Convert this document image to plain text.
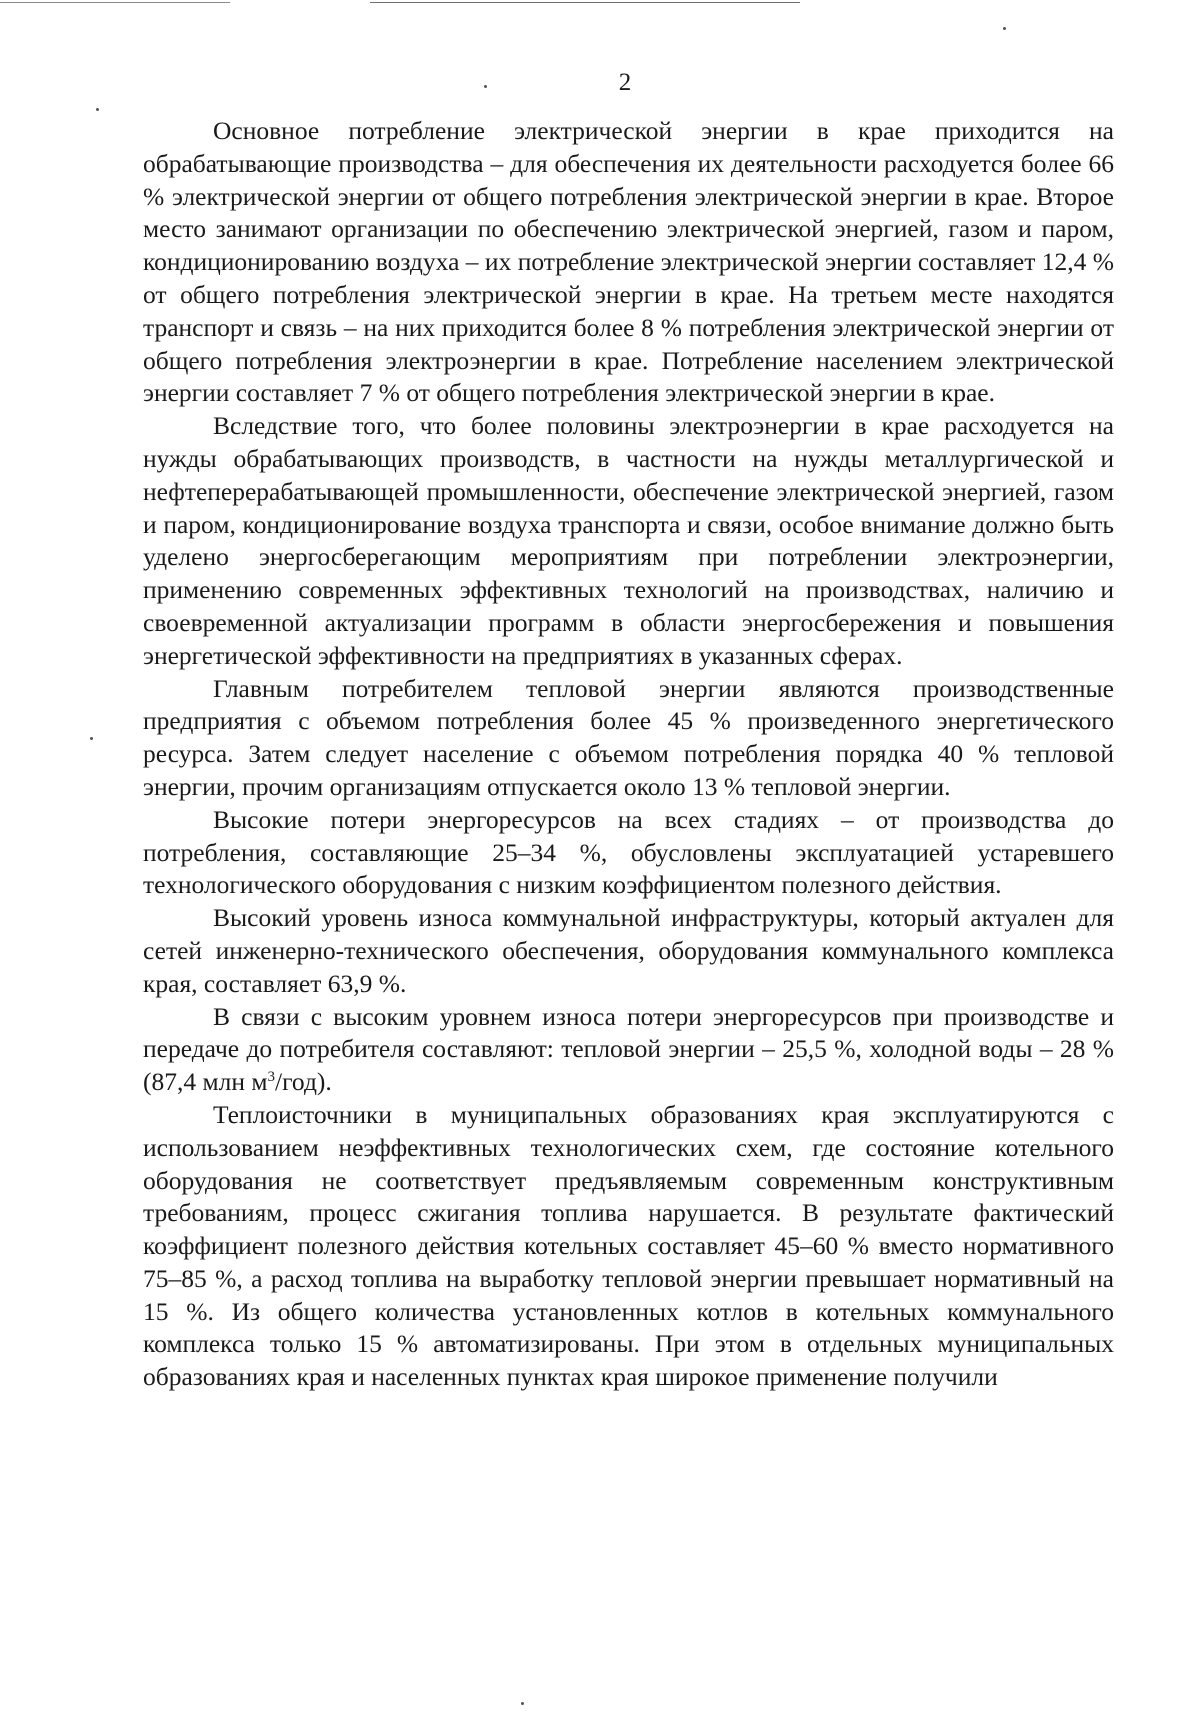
2

Основное потребление электрической энергии в крае приходится на обрабатывающие производства – для обеспечения их деятельности расходуется более 66 % электрической энергии от общего потребления электрической энергии в крае. Второе место занимают организации по обеспечению электрической энергией, газом и паром, кондиционированию воздуха – их потребление электрической энергии составляет 12,4 % от общего потребления электрической энергии в крае. На третьем месте находятся транспорт и связь – на них приходится более 8 % потребления электрической энергии от общего потребления электроэнергии в крае. Потребление населением электрической энергии составляет 7 % от общего потребления электрической энергии в крае.

Вследствие того, что более половины электроэнергии в крае расходуется на нужды обрабатывающих производств, в частности на нужды металлургической и нефтеперерабатывающей промышленности, обеспечение электрической энергией, газом и паром, кондиционирование воздуха транспорта и связи, особое внимание должно быть уделено энергосберегающим мероприятиям при потреблении электроэнергии, применению современных эффективных технологий на производствах, наличию и своевременной актуализации программ в области энергосбережения и повышения энергетической эффективности на предприятиях в указанных сферах.

Главным потребителем тепловой энергии являются производственные предприятия с объемом потребления более 45 % произведенного энергетического ресурса. Затем следует население с объемом потребления порядка 40 % тепловой энергии, прочим организациям отпускается около 13 % тепловой энергии.

Высокие потери энергоресурсов на всех стадиях – от производства до потребления, составляющие 25–34 %, обусловлены эксплуатацией устаревшего технологического оборудования с низким коэффициентом полезного действия.

Высокий уровень износа коммунальной инфраструктуры, который актуален для сетей инженерно-технического обеспечения, оборудования коммунального комплекса края, составляет 63,9 %.

В связи с высоким уровнем износа потери энергоресурсов при производстве и передаче до потребителя составляют: тепловой энергии – 25,5 %, холодной воды – 28 % (87,4 млн $м^3/год$).

Теплоисточники в муниципальных образованиях края эксплуатируются с использованием неэффективных технологических схем, где состояние котельного оборудования не соответствует предъявляемым современным конструктивным требованиям, процесс сжигания топлива нарушается. В результате фактический коэффициент полезного действия котельных составляет 45–60 % вместо нормативного 75–85 %, а расход топлива на выработку тепловой энергии превышает нормативный на 15 %. Из общего количества установленных котлов в котельных коммунального комплекса только 15 % автоматизированы. При этом в отдельных муниципальных образованиях края и населенных пунктах края широкое применение получили
